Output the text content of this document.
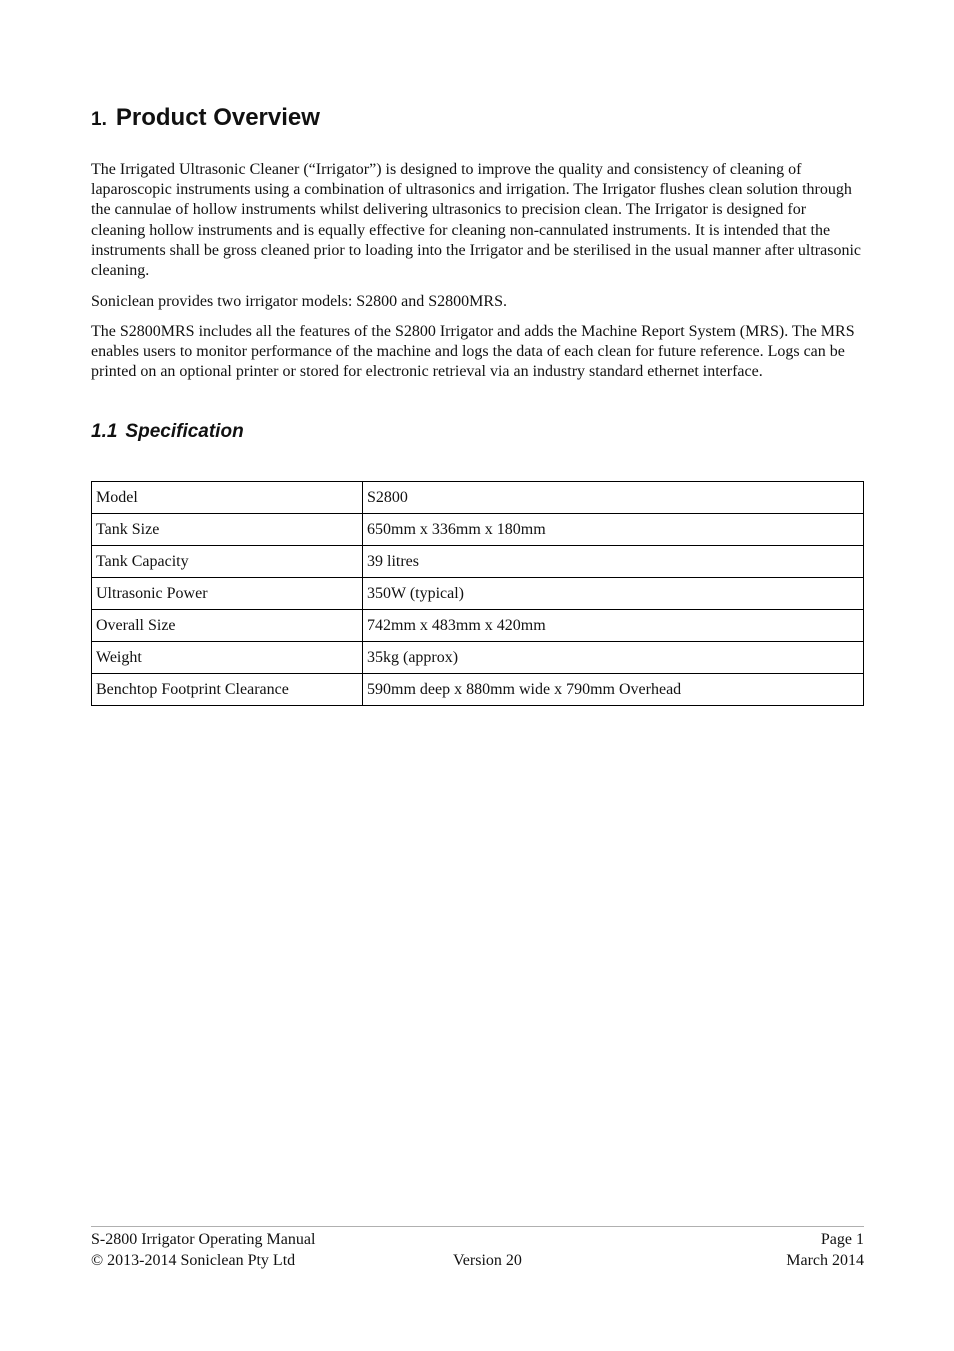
1. Product Overview

The Irrigated Ultrasonic Cleaner (“Irrigator”) is designed to improve the quality and consistency of cleaning of laparoscopic instruments using a combination of ultrasonics and irrigation. The Irrigator flushes clean solution through the cannulae of hollow instruments whilst delivering ultrasonics to precision clean. The Irrigator is designed for cleaning hollow instruments and is equally effective for cleaning non-cannulated instruments. It is intended that the instruments shall be gross cleaned prior to loading into the Irrigator and be sterilised in the usual manner after ultrasonic cleaning.

Soniclean provides two irrigator models: S2800 and S2800MRS.

The S2800MRS includes all the features of the S2800 Irrigator and adds the Machine Report System (MRS). The MRS enables users to monitor performance of the machine and logs the data of each clean for future reference. Logs can be printed on an optional printer or stored for electronic retrieval via an industry standard ethernet interface.

1.1 Specification
Model	S2800
Tank Size	650mm x 336mm x 180mm
Tank Capacity	39 litres
Ultrasonic Power	350W (typical)
Overall Size	742mm x 483mm x 420mm
Weight	35kg (approx)
Benchtop Footprint Clearance	590mm deep x 880mm wide x 790mm Overhead
S-2800 Irrigator Operating Manual	Page 1
© 2013-2014 Soniclean Pty Ltd	Version 20	March 2014
